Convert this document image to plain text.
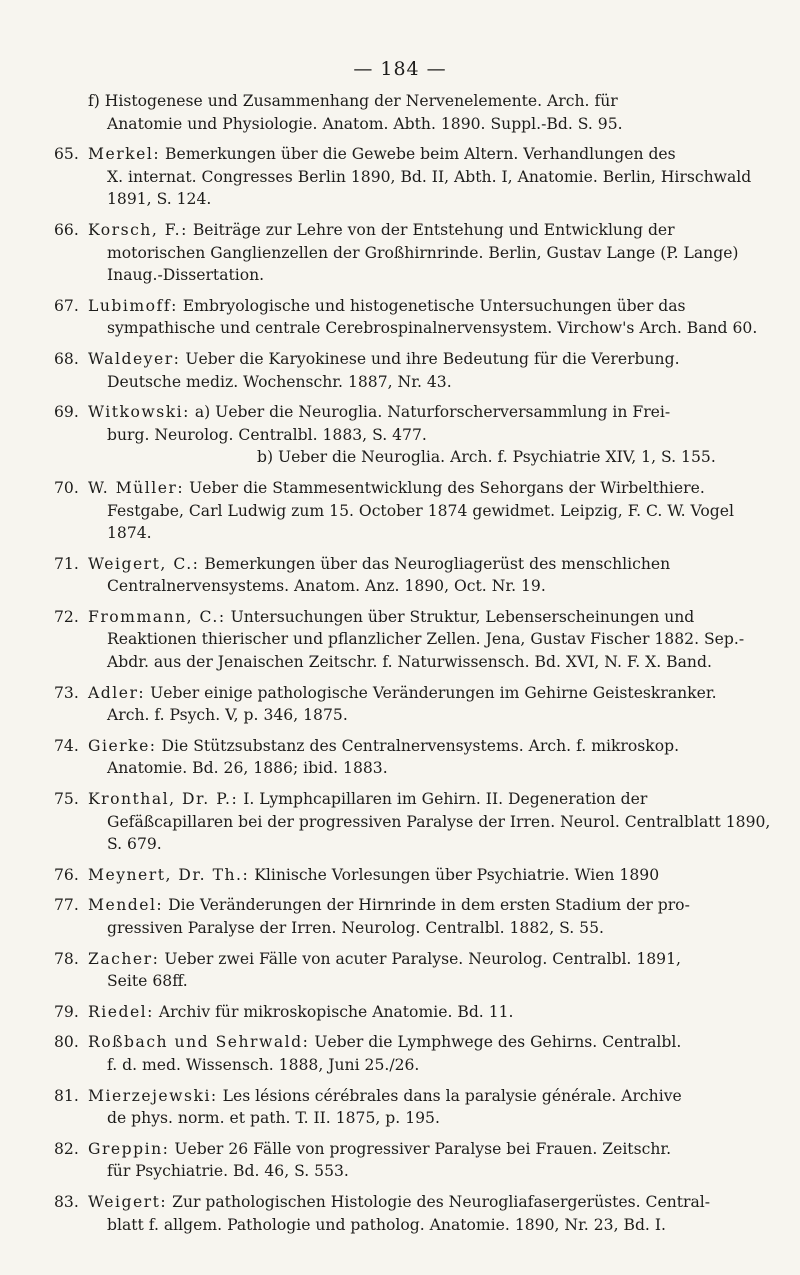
— 184 —
f) Histogenese und Zusammenhang der Nervenelemente. Arch. für
Anatomie und Physiologie. Anatom. Abth. 1890. Suppl.-Bd. S. 95.
65. Merkel: Bemerkungen über die Gewebe beim Altern. Verhandlungen des
X. internat. Congresses Berlin 1890, Bd. II, Abth. I, Anatomie. Berlin, Hirschwald 1891, S. 124.
66. Korsch, F.: Beiträge zur Lehre von der Entstehung und Entwicklung der
motorischen Ganglienzellen der Großhirnrinde. Berlin, Gustav Lange (P. Lange) Inaug.-Dissertation.
67. Lubimoff: Embryologische und histogenetische Untersuchungen über das
sympathische und centrale Cerebrospinalnervensystem. Virchow's Arch. Band 60.
68. Waldeyer: Ueber die Karyokinese und ihre Bedeutung für die Vererbung.
Deutsche mediz. Wochenschr. 1887, Nr. 43.
69. Witkowski: a) Ueber die Neuroglia. Naturforscherversammlung in Frei-
burg. Neurolog. Centralbl. 1883, S. 477.
b) Ueber die Neuroglia. Arch. f. Psychiatrie XIV, 1, S. 155.
70. W. Müller: Ueber die Stammesentwicklung des Sehorgans der Wirbelthiere.
Festgabe, Carl Ludwig zum 15. October 1874 gewidmet. Leipzig, F. C. W. Vogel 1874.
71. Weigert, C.: Bemerkungen über das Neurogliagerüst des menschlichen
Centralnervensystems. Anatom. Anz. 1890, Oct. Nr. 19.
72. Frommann, C.: Untersuchungen über Struktur, Lebenserscheinungen und
Reaktionen thierischer und pflanzlicher Zellen. Jena, Gustav Fischer 1882. Sep.-Abdr. aus der Jenaischen Zeitschr. f. Naturwissensch. Bd. XVI, N. F. X. Band.
73. Adler: Ueber einige pathologische Veränderungen im Gehirne Geisteskranker.
Arch. f. Psych. V, p. 346, 1875.
74. Gierke: Die Stützsubstanz des Centralnervensystems. Arch. f. mikroskop.
Anatomie. Bd. 26, 1886; ibid. 1883.
75. Kronthal, Dr. P.: I. Lymphcapillaren im Gehirn. II. Degeneration der
Gefäßcapillaren bei der progressiven Paralyse der Irren. Neurol. Centralblatt 1890, S. 679.
76. Meynert, Dr. Th.: Klinische Vorlesungen über Psychiatrie. Wien 1890
77. Mendel: Die Veränderungen der Hirnrinde in dem ersten Stadium der pro-
gressiven Paralyse der Irren. Neurolog. Centralbl. 1882, S. 55.
78. Zacher: Ueber zwei Fälle von acuter Paralyse. Neurolog. Centralbl. 1891,
Seite 68ff.
79. Riedel: Archiv für mikroskopische Anatomie. Bd. 11.
80. Roßbach und Sehrwald: Ueber die Lymphwege des Gehirns. Centralbl.
f. d. med. Wissensch. 1888, Juni 25./26.
81. Mierzejewski: Les lésions cérébrales dans la paralysie générale. Archive
de phys. norm. et path. T. II. 1875, p. 195.
82. Greppin: Ueber 26 Fälle von progressiver Paralyse bei Frauen. Zeitschr.
für Psychiatrie. Bd. 46, S. 553.
83. Weigert: Zur pathologischen Histologie des Neurogliafasergerüstes. Central-
blatt f. allgem. Pathologie und patholog. Anatomie. 1890, Nr. 23, Bd. I.
